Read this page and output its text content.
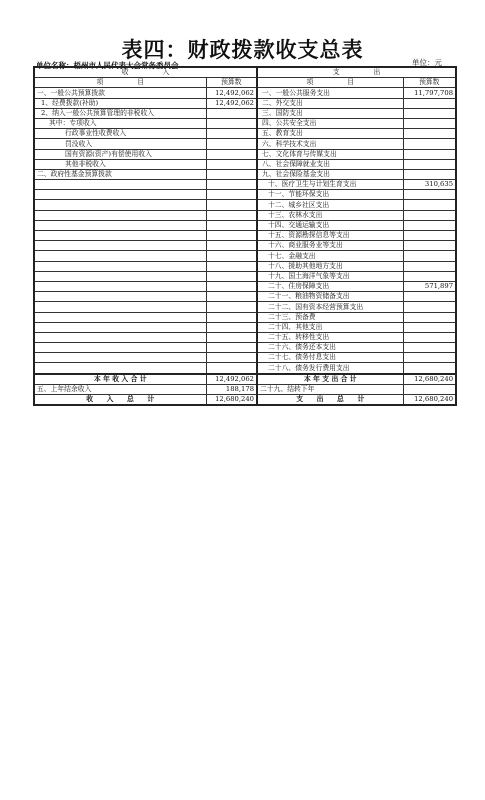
表四：财政拨款收支总表
单位名称：梧州市人民代表大会常务委员会	单位：元
收　　　　　入		支　　　　　出	
项　　　　　目	预算数	项　　　　　目	预算数
一、一般公共预算拨款	12,492,062	一、一般公共服务支出	11,797,708
1、经费拨款(补助)	12,492,062	二、外交支出	
2、纳入一般公共预算管理的非税收入		三、国防支出	
其中：专项收入		四、公共安全支出	
行政事业性收费收入		五、教育支出	
罚没收入		六、科学技术支出	
国有资源(资产)有偿使用收入		七、文化体育与传媒支出	
其他非税收入		八、社会保障就业支出	
二、政府性基金预算拨款		九、社会保险基金支出	
		十、医疗卫生与计划生育支出	310,635
		十一、节能环保支出	
		十二、城乡社区支出	
		十三、农林水支出	
		十四、交通运输支出	
		十五、资源勘探信息等支出	
		十六、商业服务业等支出	
		十七、金融支出	
		十八、援助其他地方支出	
		十九、国土海洋气象等支出	
		二十、住房保障支出	571,897
		二十一、粮油物资储备支出	
		二十二、国有资本经营预算支出	
		二十三、预备费	
		二十四、其他支出	
		二十五、转移性支出	
		二十六、债务还本支出	
		二十七、债务付息支出	
		二十八、债务发行费用支出	
本 年 收 入 合 计	12,492,062	本 年 支 出 合 计	12,680,240
五、上年结余收入	188,178	二十九、结转下年	
收　　入　　总　　计	12,680,240	支　　出　　总　　计	12,680,240
